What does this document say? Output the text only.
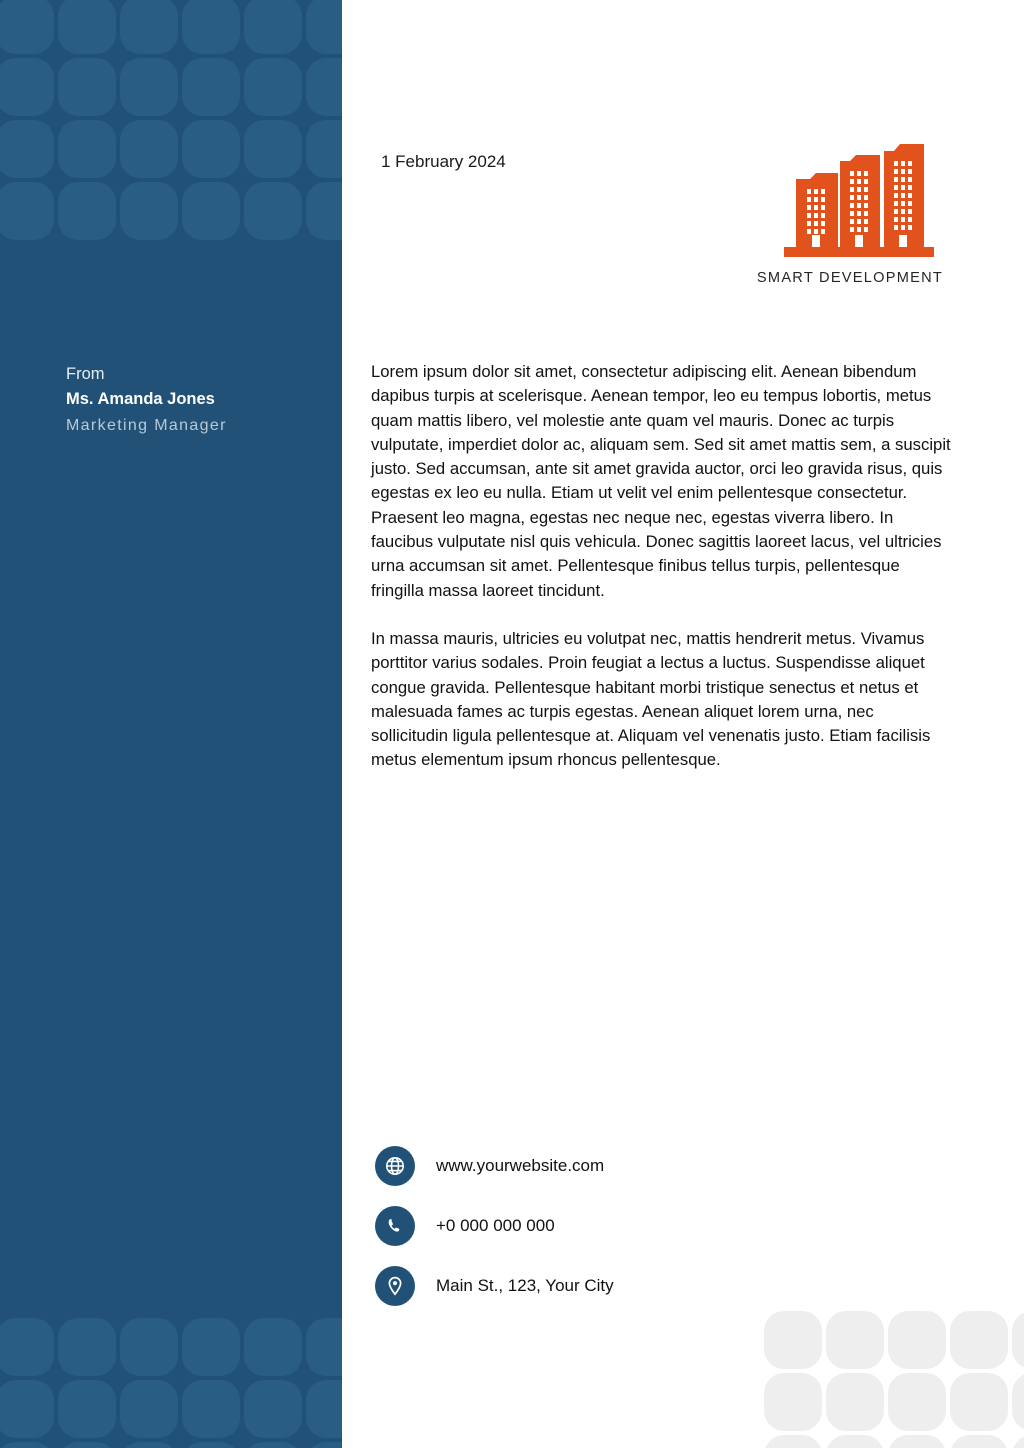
From
Ms. Amanda Jones
Marketing Manager
1 February 2024
SMART DEVELOPMENT

Lorem ipsum dolor sit amet, consectetur adipiscing elit. Aenean bibendum dapibus turpis at scelerisque. Aenean tempor, leo eu tempus lobortis, metus quam mattis libero, vel molestie ante quam vel mauris. Donec ac turpis vulputate, imperdiet dolor ac, aliquam sem. Sed sit amet mattis sem, a suscipit justo. Sed accumsan, ante sit amet gravida auctor, orci leo gravida risus, quis egestas ex leo eu nulla. Etiam ut velit vel enim pellentesque consectetur. Praesent leo magna, egestas nec neque nec, egestas viverra libero. In faucibus vulputate nisl quis vehicula. Donec sagittis laoreet lacus, vel ultricies urna accumsan sit amet. Pellentesque finibus tellus turpis, pellentesque fringilla massa laoreet tincidunt.

In massa mauris, ultricies eu volutpat nec, mattis hendrerit metus. Vivamus porttitor varius sodales. Proin feugiat a lectus a luctus. Suspendisse aliquet congue gravida. Pellentesque habitant morbi tristique senectus et netus et malesuada fames ac turpis egestas. Aenean aliquet lorem urna, nec sollicitudin ligula pellentesque at. Aliquam vel venenatis justo. Etiam facilisis metus elementum ipsum rhoncus pellentesque.

www.yourwebsite.com
+0 000 000 000
Main St., 123, Your City
